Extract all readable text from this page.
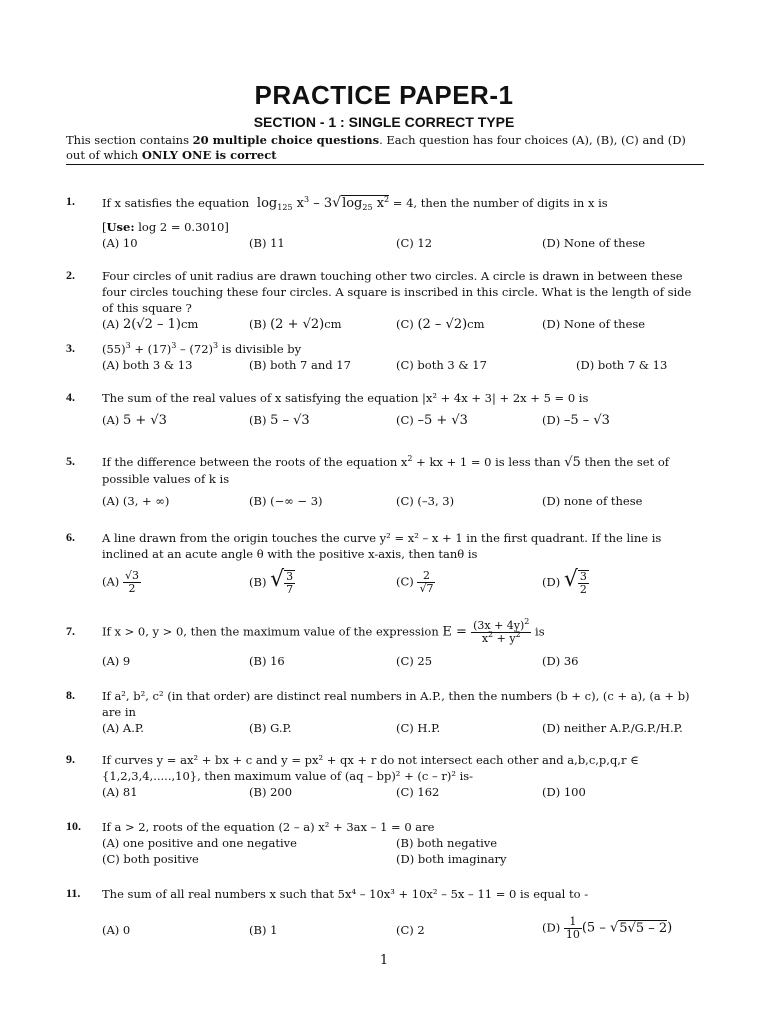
PRACTICE PAPER-1
SECTION - 1 : SINGLE CORRECT TYPE
This section contains 20 multiple choice questions. Each question has four choices (A), (B), (C) and (D) out of which ONLY ONE is correct
1. If x satisfies the equation  $\log_{125} x^3 - 3√\log_{25}$ $x^2 = 4$, then the number of digits in x is
[Use: log 2 = 0.3010]
(A) 10	(B) 11	(C) 12	(D) None of these
2. Four circles of unit radius are drawn touching other two circles. A circle is drawn in between these four circles touching these four circles. A square is inscribed in this circle. What is the length of side of this square ?
(A) 2(√2 – 1)cm	(B) (2 + √2)cm	(C) (2 – √2)cm	(D) None of these
3. $(55)^3 + (17)^3 - (72)^3$ is divisible by
(A) both 3 & 13	(B) both 7 and 17	(C) both 3 & 17	(D) both 7 & 13
4. The sum of the real values of x satisfying the equation |x² + 4x + 3| + 2x + 5 = 0 is
(A) 5 + √3	(B) 5 – √3	(C) –5 + √3	(D) –5 – √3
5. If the difference between the roots of the equation $x^2$ + kx + 1 = 0 is less than √5 then the set of possible values of k is
(A) (3, + ∞)	(B) (−∞ − 3)	(C) (–3, 3)	(D) none of these
6. A line drawn from the origin touches the curve y² = x² – x + 1 in the first quadrant. If the line is inclined at an acute angle θ with the positive x-axis, then tanθ is
$(A) \frac{√3}{2}$	(B) √ $\frac{3}{7}$	$(C) \frac{2}{√7}$	(D) √ $\frac{3}{2}$
7. If x > 0, y > 0, then the maximum value of the expression $E = \frac{(3x + 4y)^2}{x^2 + y^2}$ is
(A) 9	(B) 16	(C) 25	(D) 36
8. If a², b², c² (in that order) are distinct real numbers in A.P., then the numbers (b + c), (c + a), (a + b) are in
(A) A.P.	(B) G.P.	(C) H.P.	(D) neither A.P./G.P./H.P.
9. If curves y = ax² + bx + c and y = px² + qx + r do not intersect each other and a,b,c,p,q,r ∈ {1,2,3,4,.....,10}, then maximum value of (aq – bp)² + (c – r)² is-
(A) 81	(B) 200	(C) 162	(D) 100
10. If a > 2, roots of the equation (2 – a) x² + 3ax – 1 = 0 are
(A) one positive and one negative	(B) both negative
(C) both positive	(D) both imaginary
11. The sum of all real numbers x such that 5x⁴ – 10x³ + 10x² – 5x – 11 = 0 is equal to -
(A) 0	(B) 1	(C) 2	$(D) \frac{1}{10} (5 - √5√5 - 2)$
1
